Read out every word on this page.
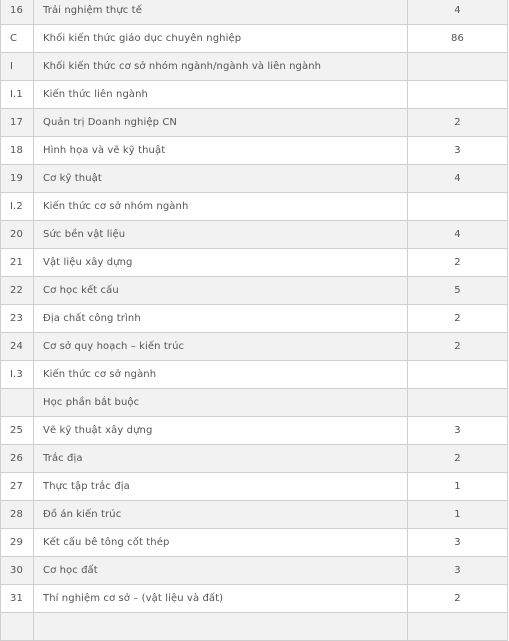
16	Trải nghiệm thực tế	4
C	Khối kiến thức giáo dục chuyên nghiệp	86
I	Khối kiến thức cơ sở nhóm ngành/ngành và liên ngành	
I.1	Kiến thức liên ngành	
17	Quản trị Doanh nghiệp CN	2
18	Hình họa và vẽ kỹ thuật	3
19	Cơ kỹ thuật	4
I.2	Kiến thức cơ sở nhóm ngành	
20	Sức bền vật liệu	4
21	Vật liệu xây dựng	2
22	Cơ học kết cấu	5
23	Địa chất công trình	2
24	Cơ sở quy hoạch – kiến trúc	2
I.3	Kiến thức cơ sở ngành	
	Học phần bắt buộc	
25	Vẽ kỹ thuật xây dựng	3
26	Trắc địa	2
27	Thực tập trắc địa	1
28	Đồ án kiến trúc	1
29	Kết cấu bê tông cốt thép	3
30	Cơ học đất	3
31	Thí nghiệm cơ sở – (vật liệu và đất)	2
